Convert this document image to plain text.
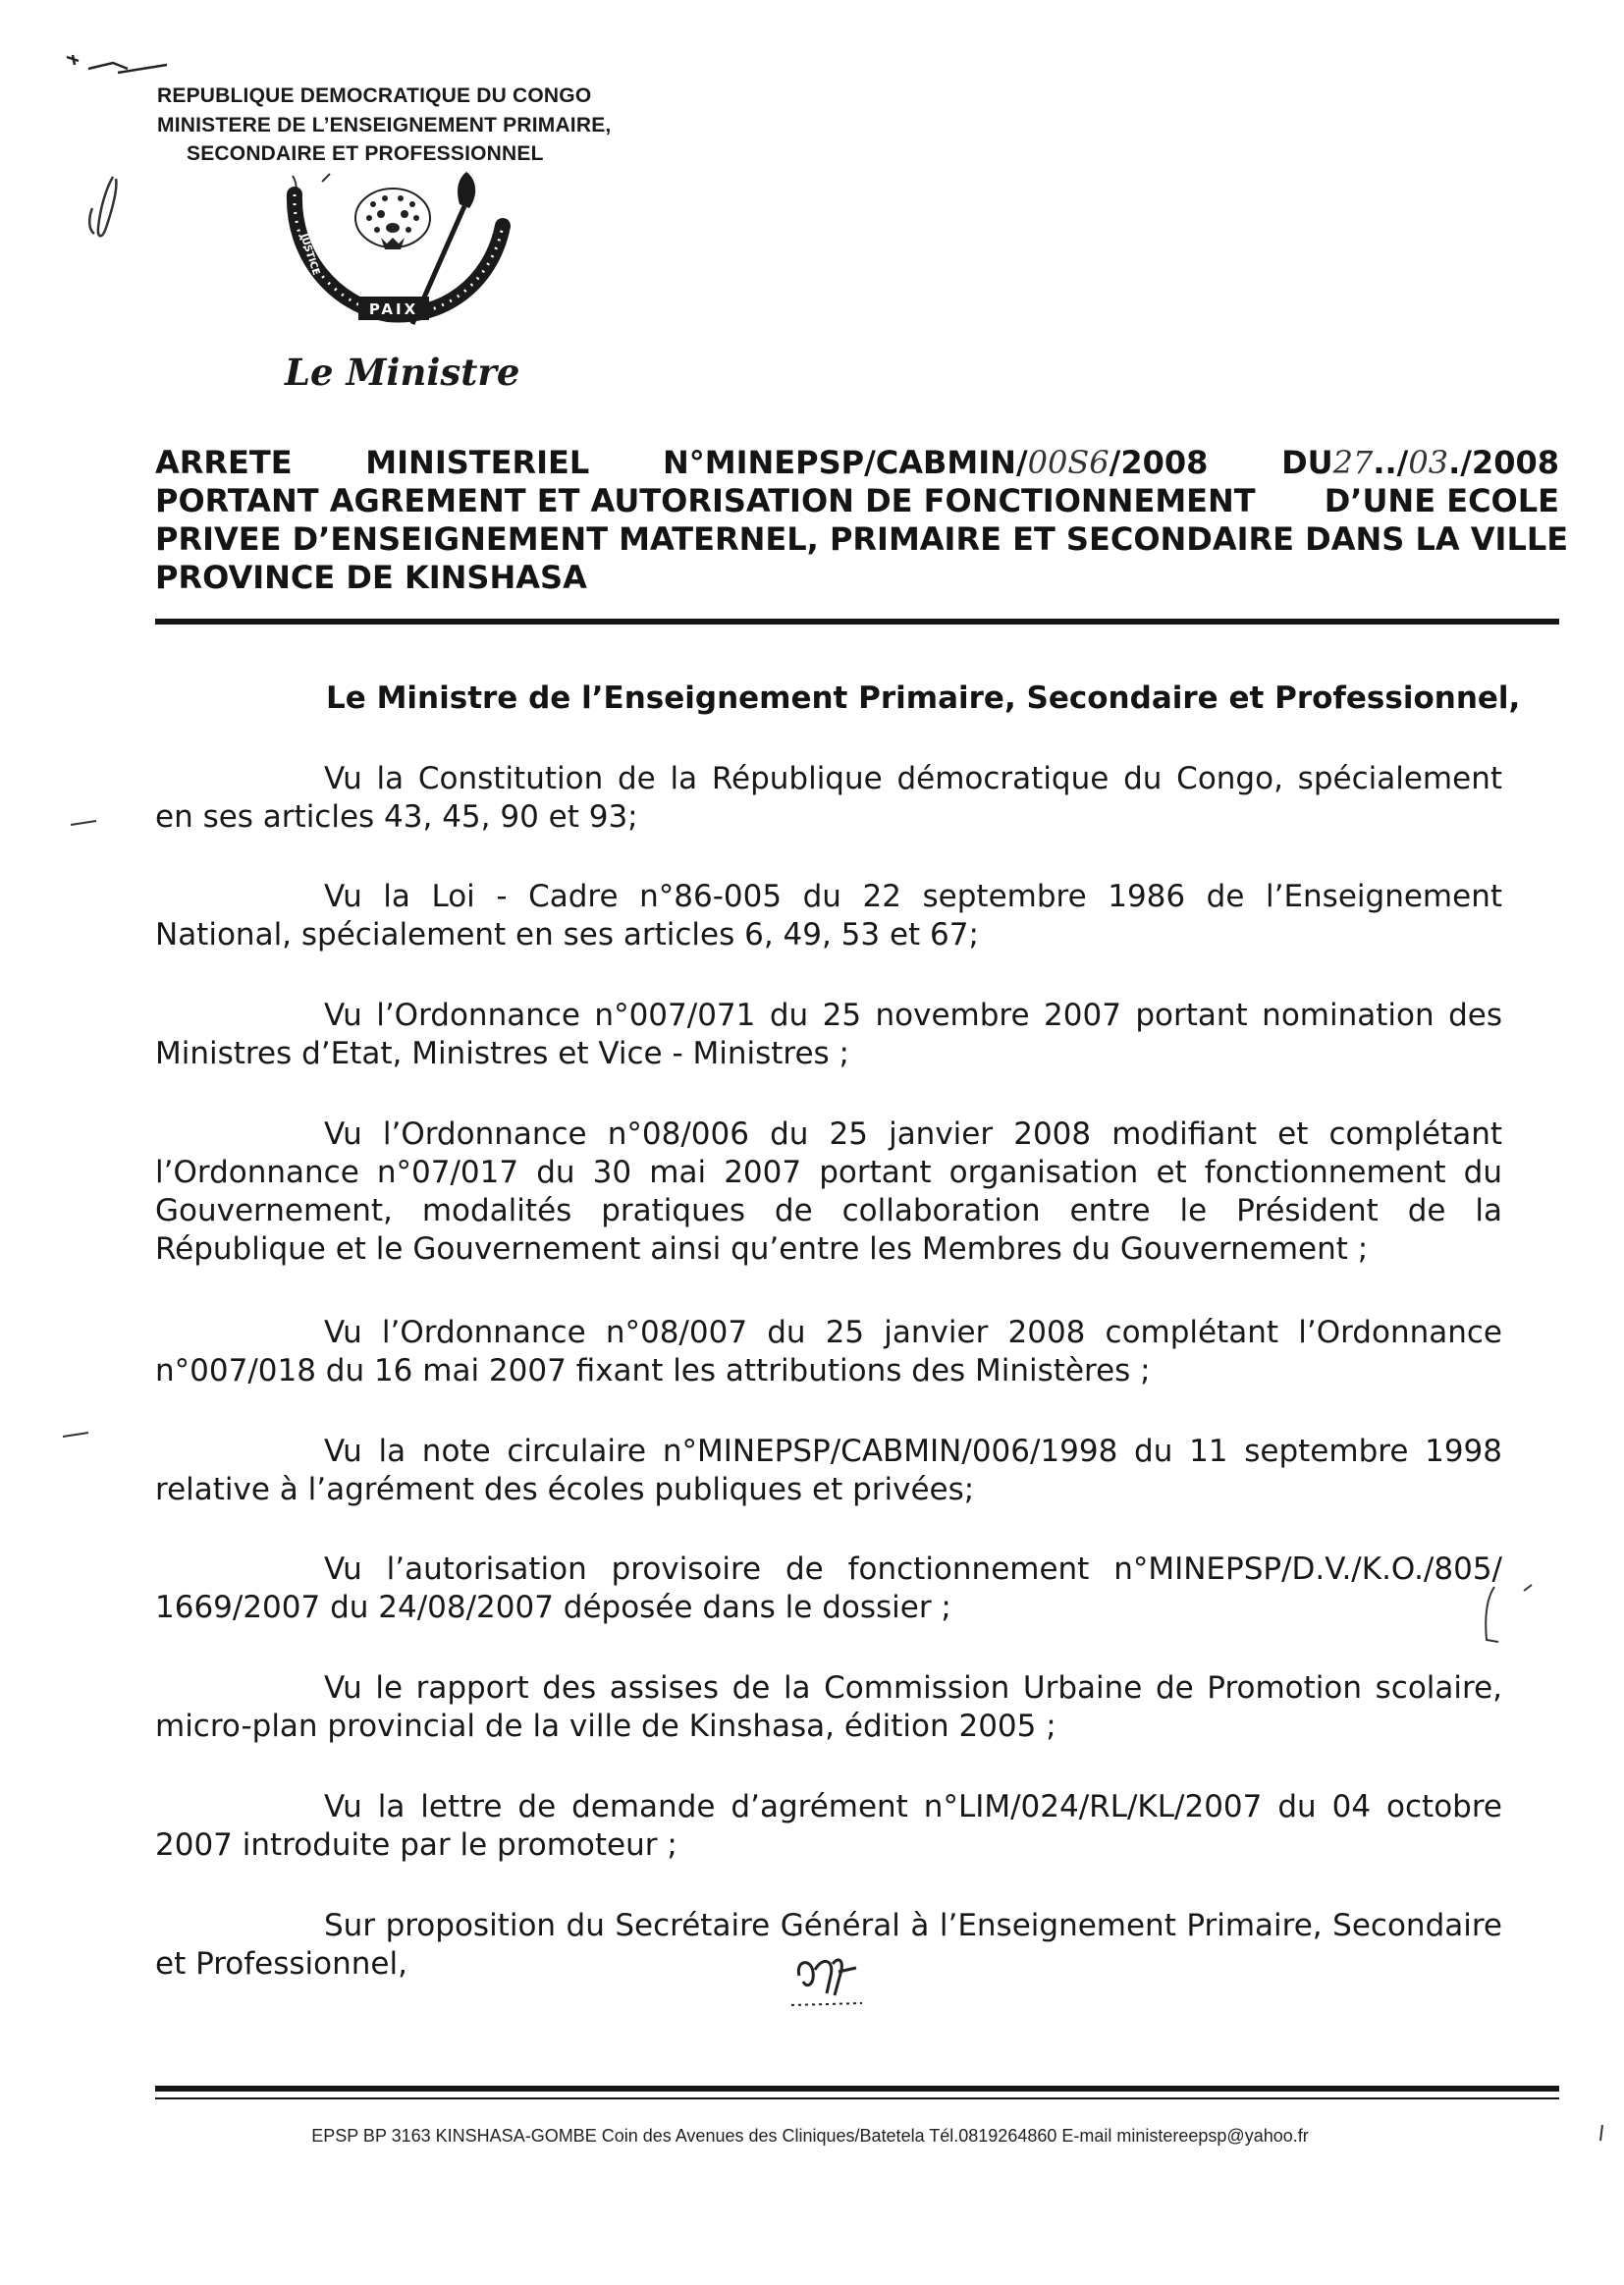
REPUBLIQUE DEMOCRATIQUE DU CONGO
MINISTERE DE L’ENSEIGNEMENT PRIMAIRE,
SECONDAIRE ET PROFESSIONNEL
PAIX
JUSTICE	TRAVAIL
Le Ministre
ARRETE MINISTERIEL N°MINEPSP/CABMIN/00S6/2008 DU27../03./2008
PORTANT AGREMENT ET AUTORISATION DE FONCTIONNEMENT D’UNE ECOLE
PRIVEE D’ENSEIGNEMENT MATERNEL, PRIMAIRE ET SECONDAIRE DANS LA VILLE
PROVINCE DE KINSHASA
Le Ministre de l’Enseignement Primaire, Secondaire et Professionnel,
Vu la Constitution de la République démocratique du Congo, spécialement en ses articles 43, 45, 90 et 93;
Vu la Loi - Cadre n°86-005 du 22 septembre 1986 de l’Enseignement National, spécialement en ses articles 6, 49, 53 et 67;
Vu l’Ordonnance n°007/071 du 25 novembre 2007 portant nomination des Ministres d’Etat, Ministres et Vice - Ministres ;
Vu l’Ordonnance n°08/006 du 25 janvier 2008 modifiant et complétant l’Ordonnance n°07/017 du 30 mai 2007 portant organisation et fonctionnement du Gouvernement, modalités pratiques de collaboration entre le Président de la République et le Gouvernement ainsi qu’entre les Membres du Gouvernement ;
Vu l’Ordonnance n°08/007 du 25 janvier 2008 complétant l’Ordonnance n°007/018 du 16 mai 2007 fixant les attributions des Ministères ;
Vu la note circulaire n°MINEPSP/CABMIN/006/1998 du 11 septembre 1998 relative à l’agrément des écoles publiques et privées;
Vu l’autorisation provisoire de fonctionnement n°MINEPSP/D.V./K.O./805/ 1669/2007 du 24/08/2007 déposée dans le dossier ;
Vu le rapport des assises de la Commission Urbaine de Promotion scolaire, micro-plan provincial de la ville de Kinshasa, édition 2005 ;
Vu la lettre de demande d’agrément n°LIM/024/RL/KL/2007 du 04 octobre 2007 introduite par le promoteur ;
Sur proposition du Secrétaire Général à l’Enseignement Primaire, Secondaire et Professionnel,
EPSP BP 3163 KINSHASA-GOMBE Coin des Avenues des Cliniques/Batetela Tél.0819264860 E-mail ministereepsp@yahoo.fr
